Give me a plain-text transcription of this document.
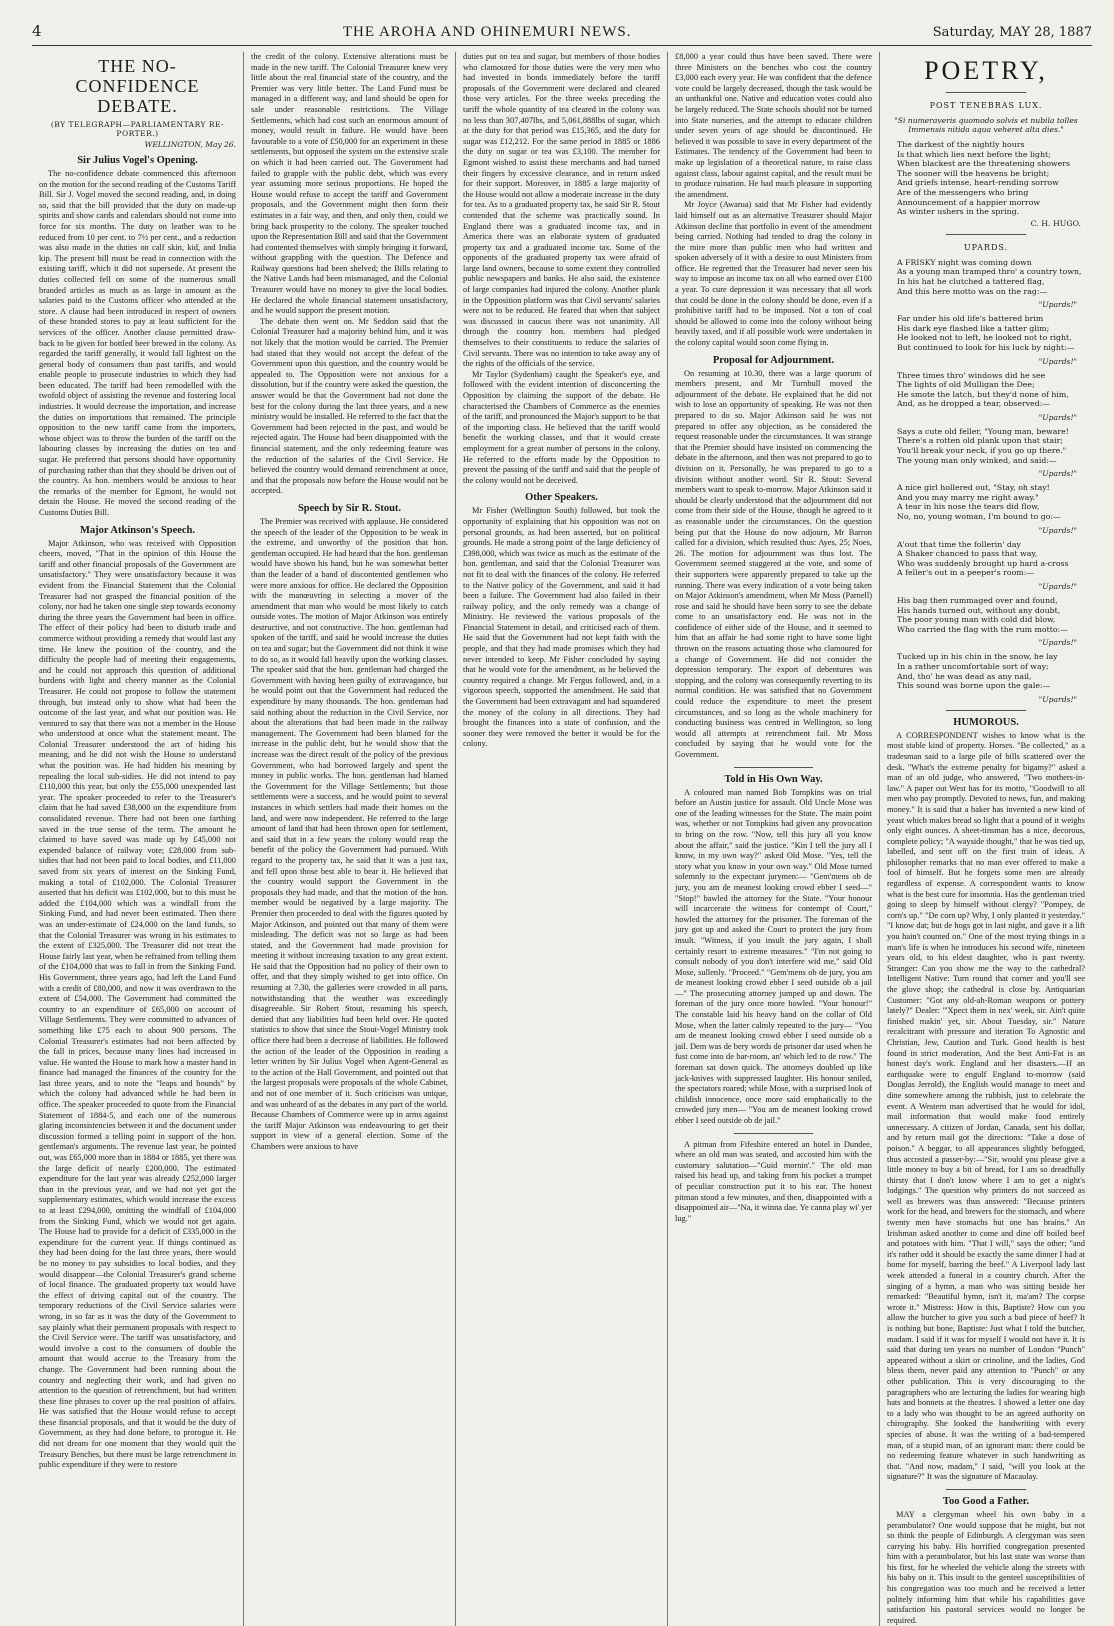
4	THE AROHA AND OHINEMURI NEWS.	Saturday, MAY 28, 1887
THE NO-CONFIDENCE
DEBATE.
(BY TELEGRAPH—PARLIAMENTARY RE-PORTER.)
WELLINGTON, May 26.
Sir Julius Vogel's Opening.

The no-confidence debate commenced this afternoon on the motion for the second reading of the Customs Tariff Bill. Sir J. Vogel moved the second reading, and, in doing so, said that the bill provided that the duty on made-up spirits and show cards and calendars should not come into force for six months. The duty on leather was to be reduced from 10 per cent. to 7½ per cent., and a reduction was also made in the duties on calf skin, kid, and India kip. The present bill must be read in connection with the existing tariff, which it did not supersede. At present the duties collected fell on some of the numerous small branded articles as much as as large in amount as the salaries paid to the Customs officer who attended at the store. A clause had been introduced in respect of owners of these branded stores to pay at least sufficient for the services of the officer. Another clause permitted draw-back to be given for bottled beer brewed in the colony. As regarded the tariff generally, it would fall lightest on the general body of consumers than past tariffs, and would enable people to prosecute industries to which they had been educated. The tariff had been remodelled with the twofold object of assisting the revenue and fostering local industries. It would decrease the importation, and increase the duties on importations that remained. The principle opposition to the new tariff came from the importers, whose object was to throw the burden of the tariff on the labouring classes by increasing the duties on tea and sugar. He preferred that persons should have opportunity of purchasing rather than that they should be driven out of the country. As hon. members would be anxious to hear the remarks of the member for Egmont, he would not detain the House. He moved the second reading of the Customs Duties Bill.

Major Atkinson's Speech.

Major Atkinson, who was received with Opposition cheers, moved, "That in the opinion of this House the tariff and other financial proposals of the Government are unsatisfactory." They were unsatisfactory because it was evident from the Financial Statement that the Colonial Treasurer had not grasped the financial position of the colony, nor had he taken one single step towards economy during the three years the Government had been in office. The effect of their policy had been to disturb trade and commerce without providing a remedy that would last any time. He knew the position of the country, and the difficulty the people had of meeting their engagements, and he could not approach this question of additional burdens with light and cheery manner as the Colonial Treasurer. He could not propose to follow the statement through, but instead only to show what had been the outcome of the last year, and what our position was. He ventured to say that there was not a member in the House who understood at once what the statement meant. The Colonial Treasurer understood the art of hiding his meaning, and he did not wish the House to understand what the position was. He had hidden his meaning by repealing the local sub-sidies. He did not intend to pay £110,000 this year, but only the £55,000 unexpended last year. The speaker proceeded to refer to the Treasurer's claim that he had saved £38,000 on the expenditure from consolidated revenue. There had not been one farthing saved in the true sense of the term. The amount he claimed to have saved was made up by £45,000 not expended balance of railway vote; £28,000 from sub-sidies that had not been paid to local bodies, and £11,000 saved from six years of interest on the Sinking Fund, making a total of £102,000. The Colonial Treasurer asserted that his deficit was £102,000, but to this must be added the £104,000 which was a windfall from the Sinking Fund, and had never been estimated. Then there was an under-estimate of £24,000 on the land funds, so that the Colonial Treasurer was wrong in his estimates to the extent of £325,000. The Treasurer did not treat the House fairly last year, when he refrained from telling them of the £104,000 that was to fall in from the Sinking Fund. His Government, three years ago, had left the Land Fund with a credit of £80,000, and now it was overdrawn to the extent of £54,000. The Government had committed the country to an expenditure of £65,000 on account of Village Settlements. They were committed to advances of something like £75 each to about 900 persons. The Colonial Treasurer's estimates had not been affected by the fall in prices, because many lines had increased in value. He wanted the House to mark how a master hand in finance had managed the finances of the country for the last three years, and to note the "leaps and bounds" by which the colony had advanced while he had been in office. The speaker proceeded to quote from the Financial Statement of 1884-5, and each one of the numerous glaring inconsistencies between it and the document under discussion formed a telling point in support of the hon. gentleman's arguments. The revenue last year, he pointed out, was £65,000 more than in 1884 or 1885, yet there was the large deficit of nearly £200,000. The estimated expenditure for the last year was already £252,000 larger than in the previous year, and we had not yet got the supplementary estimates, which would increase the excess to at least £294,000, omitting the windfall of £104,000 from the Sinking Fund, which we would not get again. The House had to provide for a deficit of £335,000 in the expenditure for the current year. If things continued as they had been doing for the last three years, there would be no money to pay subsidies to local bodies, and they would disappear—the Colonial Treasurer's grand scheme of local finance. The graduated property tax would have the effect of driving capital out of the country. The temporary reductions of the Civil Service salaries were wrong, in so far as it was the duty of the Government to say plainly what their permanent proposals with respect to the Civil Service were. The tariff was unsatisfactory, and would involve a cost to the consumers of double the amount that would accrue to the Treasury from the change. The Government had been running about the country and neglecting their work, and had given no attention to the question of retrenchment, but had written these fine phrases to cover up the real position of affairs. He was satisfied that the House would refuse to accept these financial proposals, and that it would be the duty of Government, as they had done before, to prorogue it. He did not dream for one moment that they would quit the Treasury Benches, but there must be large retrenchment in public expenditure if they were to restore

the credit of the colony. Extensive alterations must be made in the new tariff. The Colonial Treasurer knew very little about the real financial state of the country, and the Premier was very little better. The Land Fund must be managed in a different way, and land should be open for sale under reasonable restrictions. The Village Settlements, which had cost such an enormous amount of money, would result in failure. He would have been favourable to a vote of £50,000 for an experiment in these settlements, but opposed the system on the extensive scale on which it had been carried out. The Government had failed to grapple with the public debt, which was every year assuming more serious proportions. He hoped the House would refuse to accept the tariff and Government proposals, and the Government might then form their estimates in a fair way, and then, and only then, could we bring back prosperity to the colony. The speaker touched upon the Representation Bill and said that the Government had contented themselves with simply bringing it forward, without grappling with the question. The Defence and Railway questions had been shelved; the Bills relating to the Native Lands had been mismanaged, and the Colonial Treasurer would have no money to give the local bodies. He declared the whole financial statement unsatisfactory, and he would support the present motion.

The debate then went on. Mr Seddon said that the Colonial Treasurer had a majority behind him, and it was not likely that the motion would be carried. The Premier had stated that they would not accept the defeat of the Government upon this question, and the country would be appealed to. The Opposition were not anxious for a dissolution, but if the country were asked the question, the answer would be that the Government had not done the best for the colony during the last three years, and a new ministry would be installed. He referred to the fact that the Government had been rejected in the past, and would be rejected again. The House had been disappointed with the financial statement, and the only redeeming feature was the reduction of the salaries of the Civil Service. He believed the country would demand retrenchment at once, and that the proposals now before the House would not be accepted.

Speech by Sir R. Stout.

The Premier was received with applause. He considered the speech of the leader of the Opposition to be weak in the extreme, and unworthy of the position that hon. gentleman occupied. He had heard that the hon. gentleman would have shown his hand, but he was somewhat better than the leader of a band of discontented gentlemen who were more anxious for office. He declared the Opposition with the manœuvring in selecting a mover of the amendment that man who would be most likely to catch outside votes. The motion of Major Atkinson was entirely destructive, and not constructive. The hon. gentleman had spoken of the tariff, and said he would increase the duties on tea and sugar; but the Government did not think it wise to do so, as it would fall heavily upon the working classes. The speaker said that the hon. gentleman had charged the Government with having been guilty of extravagance, but he would point out that the Government had reduced the expenditure by many thousands. The hon. gentleman had said nothing about the reduction in the Civil Service, nor about the alterations that had been made in the railway management. The Government had been blamed for the increase in the public debt, but he would show that the increase was the direct result of the policy of the previous Government, who had borrowed largely and spent the money in public works. The hon. gentleman had blamed the Government for the Village Settlements; but those settlements were a success, and he would point to several instances in which settlers had made their homes on the land, and were now independent. He referred to the large amount of land that had been thrown open for settlement, and said that in a few years the colony would reap the benefit of the policy the Government had pursued. With regard to the property tax, he said that it was a just tax, and fell upon those best able to bear it. He believed that the country would support the Government in the proposals they had made, and that the motion of the hon. member would be negatived by a large majority. The Premier then proceeded to deal with the figures quoted by Major Atkinson, and pointed out that many of them were misleading. The deficit was not so large as had been stated, and the Government had made provision for meeting it without increasing taxation to any great extent. He said that the Opposition had no policy of their own to offer, and that they simply wished to get into office. On resuming at 7.30, the galleries were crowded in all parts, notwithstanding that the weather was exceedingly disagreeable. Sir Robert Stout, resuming his speech, denied that any liabilities had been held over. He quoted statistics to show that since the Stout-Vogel Ministry took office there had been a decrease of liabilities. He followed the action of the leader of the Opposition in reading a letter written by Sir Julius Vogel when Agent-General as to the action of the Hall Government, and pointed out that the largest proposals were proposals of the whole Cabinet, and not of one member of it. Such criticism was unique, and was unheard of as the debates in any part of the world. Because Chambers of Commerce were up in arms against the tariff Major Atkinson was endeavouring to get their support in view of a general election. Some of the Chambers were anxious to have

duties put on tea and sugar, but members of those bodies who clamoured for those duties were the very men who had invested in bonds immediately before the tariff proposals of the Government were declared and cleared those very articles. For the three weeks preceding the tariff the whole quantity of tea cleared in the colony was no less than 307,407lbs, and 5,061,888lbs of sugar, which at the duty for that period was £15,365, and the duty for sugar was £12,212. For the same period in 1885 or 1886 the duty on sugar or tea was £3,100. The member for Egmont wished to assist these merchants and had turned their fingers by excessive clearance, and in return asked for their support. Moreover, in 1885 a large majority of the House would not allow a moderate increase in the duty for tea. As to a graduated property tax, he said Sir R. Stout contended that the scheme was practically sound. In England there was a graduated income tax, and in America there was an elaborate system of graduated property tax and a graduated income tax. Some of the opponents of the graduated property tax were afraid of large land owners, because to some extent they controlled public newspapers and banks. He also said, the existence of large companies had injured the colony. Another plank in the Opposition platform was that Civil servants' salaries were not to be reduced. He feared that when that subject was discussed in caucus there was not unanimity. All through the country hon. members had pledged themselves to their constituents to reduce the salaries of Civil servants. There was no intention to take away any of the rights of the officials of the service.

Mr Taylor (Sydenham) caught the Speaker's eye, and followed with the evident intention of disconcerting the Opposition by claiming the support of the debate. He characterised the Chambers of Commerce as the enemies of the tariff, and pronounced the Major's support to be that of the importing class. He believed that the tariff would benefit the working classes, and that it would create employment for a great number of persons in the colony. He referred to the efforts made by the Opposition to prevent the passing of the tariff and said that the people of the colony would not be deceived.

Other Speakers.

Mr Fisher (Wellington South) followed, but took the opportunity of explaining that his opposition was not on personal grounds, as had been asserted, but on political grounds. He made a strong point of the large deficiency of £398,000, which was twice as much as the estimate of the hon. gentleman, and said that the Colonial Treasurer was not fit to deal with the finances of the colony. He referred to the Native policy of the Government, and said it had been a failure. The Government had also failed in their railway policy, and the only remedy was a change of Ministry. He reviewed the various proposals of the Financial Statement in detail, and criticised each of them. He said that the Government had not kept faith with the people, and that they had made promises which they had never intended to keep. Mr Fisher concluded by saying that he would vote for the amendment, as he believed the country required a change. Mr Fergus followed, and, in a vigorous speech, supported the amendment. He said that the Government had been extravagant and had squandered the money of the colony in all directions. They had brought the finances into a state of confusion, and the sooner they were removed the better it would be for the colony.

£8,000 a year could thus have been saved. There were three Ministers on the benches who cost the country £3,000 each every year. He was confident that the defence vote could be largely decreased, though the task would be an unthankful one. Native and education votes could also be largely reduced. The State schools should not be turned into State nurseries, and the attempt to educate children under seven years of age should be discontinued. He believed it was possible to save in every department of the Estimates. The tendency of the Government had been to make up legislation of a theoretical nature, to raise class against class, labour against capital, and the result must be to produce ruination. He had much pleasure in supporting the amendment.

Mr Joyce (Awarua) said that Mr Fisher had evidently laid himself out as an alternative Treasurer should Major Atkinson decline that portfolio in event of the amendment being carried. Nothing had tended to drag the colony in the mire more than public men who had written and spoken adversely of it with a desire to oust Ministers from office. He regretted that the Treasurer had never seen his way to impose an income tax on all who earned over £100 a year. To cure depression it was necessary that all work that could be done in the colony should be done, even if a prohibitive tariff had to be imposed. Not a ton of coal should be allowed to come into the colony without being heavily taxed, and if all possible work were undertaken in the colony capital would soon come flying in.

Proposal for Adjournment.

On resuming at 10.30, there was a large quorum of members present, and Mr Turnbull moved the adjournment of the debate. He explained that he did not wish to lose an opportunity of speaking. He was not then prepared to do so. Major Atkinson said he was not prepared to offer any objection, as he considered the request reasonable under the circumstances. It was strange that the Premier should have insisted on commencing the debate in the afternoon, and then was not prepared to go to division on it. Personally, he was prepared to go to a division without another word. Sir R. Stout: Several members want to speak to-morrow. Major Atkinson said it should be clearly understood that the adjournment did not come from their side of the House, though he agreed to it as reasonable under the circumstances. On the question being put that the House do now adjourn, Mr Barron called for a division, which resulted thus: Ayes, 25; Noes, 26. The motion for adjournment was thus lost. The Government seemed staggered at the vote, and some of their supporters were apparently prepared to take up the running. There was every indication of a vote being taken on Major Atkinson's amendment, when Mr Moss (Parnell) rose and said he should have been sorry to see the debate come to an unsatisfactory end. He was not in the confidence of either side of the House, and it seemed to him that an affair he had some right to have some light thrown on the reasons actuating those who clamoured for a change of Government. He did not consider the depression temporary. The export of debentures was stopping, and the colony was consequently reverting to its normal condition. He was satisfied that no Government could reduce the expenditure to meet the present circumstances, and so long as the whole machinery for conducting business was centred in Wellington, so long would all attempts at retrenchment fail. Mr Moss concluded by saying that he would vote for the Government.

Told in His Own Way.

A coloured man named Bob Tompkins was on trial before an Austin justice for assault. Old Uncle Mose was one of the leading witnesses for the State. The main point was, whether or not Tompkins had given any provocation to bring on the row. "Now, tell this jury all you know about the affair," said the justice. "Kin I tell the jury all I know, in my own way?" asked Old Mose. "Yes, tell the story what you know in your own way." Old Mose turned solemnly to the expectant jurymen:— "Gem'mens ob de jury, you am de meanest looking crowd ebber I seed—" "Stop!" bawled the attorney for the State. "Your honour will incarcerate the witness for contempt of Court," howled the attorney for the prisoner. The foreman of the jury got up and asked the Court to protect the jury from insult. "Witness, if you insult the jury again, I shall certainly resort to extreme measures." "I'm not going to consult nobody of you don't interfere wid me," said Old Mose, sullenly. "Proceed." "Gem'mens ob de jury, you am de meanest looking crowd ebber I seed outside ob a jail—" The prosecuting attorney jumped up and down. The foreman of the jury once more howled. "Your honour!" The constable laid his heavy hand on the collar of Old Mose, when the latter calmly repeated to the jury— "You am de meanest looking crowd ebber I seed outside ob a jail. Dem was de bery words de prisoner dar used when he fust come into de bar-room, an' which led to de row." The foreman sat down quick. The attorneys doubled up like jack-knives with suppressed laughter. His honour smiled, the spectators roared; while Mose, with a surprised look of childish innocence, once more said emphatically to the crowded jury men— "You am de meanest looking crowd ebber I seed outside ob de jail."

A pitman from Fifeshire entered an hotel in Dundee, where an old man was seated, and accosted him with the customary salutation—"Guid mornin'." The old man raised his head up, and taking from his pocket a trumpet of peculiar construction put it to his ear. The honest pitman stood a few minutes, and then, disappointed with a disappointed air—"Na, it winna dae. Ye canna play wi' yer lug."

POETRY,
POST TENEBRAS LUX.
"Si numeraveris quomodo solvis et nubila tolles Immensis nitida aqua veheret alta dies."
The darkest of the nightly hours
Is that which lies next before the light;
When blackest are the threatening showers
The sooner will the heavens be bright;
And griefs intense, heart-rending sorrow
Are of the messengers who bring
Announcement of a happier morrow
As winter ushers in the spring.
C. H. HUGO.
UPARDS.
A FRISKY night was coming down
As a young man tramped thro' a country town,
In his hat he clutched a tattered flag,
And this here motto was on the rag:—
"Upards!"
Far under his old life's battered brim
His dark eye flashed like a tatter glim;
He looked not to left, he looked not to right,
But continued to look for his luck by night:—
"Upards!"
Three times thro' windows did he see
The lights of old Mulligan the Dee;
He smote the latch, but they'd none of him,
And, as he dropped a tear, observed:—
"Upards!"
Says a cute old feller, "Young man, beware!
There's a rotten old plank upon that stair;
You'll break your neck, if you go up there."
The young man only winked, and said:—
"Upards!"
A nice girl hollered out, "Stay, oh stay!
And you may marry me right away."
A tear in his nose the tears did flow,
No, no, young woman, I'm bound to go:—
"Upards!"
A'out that time the follerin' day
A Shaker chanced to pass that way,
Who was suddenly brought up hard a-cross
A feller's out in a peeper's room:—
"Upards!"
His bag then rummaged over and found,
His hands turned out, without any doubt,
The poor young man with cold did blow,
Who carried the flag with the rum motto:—
"Upards!"
Tucked up in his chin in the snow, he lay
In a rather uncomfortable sort of way;
And, tho' he was dead as any nail,
This sound was borne upon the gale:—
"Upards!"
HUMOROUS.

A CORRESPONDENT wishes to know what is the most stable kind of property. Horses. "Be collected," as a tradesman said to a large pile of bills scattered over the desk. "What's the extreme penalty for bigamy?" asked a man of an old judge, who answered, "Two mothers-in-law." A paper out West has for its motto, "Goodwill to all men who pay promptly. Devoted to news, fun, and making money." It is said that a baker has invented a new kind of yeast which makes bread so light that a pound of it weighs only eight ounces. A sheet-tinsman has a nice, decorous, complete policy; "A wayside thought," that he was tied up, labelled, and sent off on the first train of ideas. A philosopher remarks that no man ever offered to make a fool of himself. But he forgets some men are already regardless of expense. A correspondent wants to know what is the best cure for insomnia. Has the gentleman tried going to sleep by himself without clergy? "Pompey, de corn's up." "De corn up? Why, I only planted it yesterday." "I know dat; but de hogs got in last night, and gave it a lift you hain't counted on." One of the most trying things in a man's life is when he introduces his second wife, nineteen years old, to his eldest daughter, who is past twenty. Stranger: Can you show me the way to the cathedral? Intelligent Native: Turn round that corner and you'll see the glove shop; the cathedral is close by. Antiquarian Customer: "Got any old-ah-Roman weapons or pottery lately?" Dealer: "'Xpect them in nex' week, sir. Ain't quite finished makin' yet, sir. About Tuesday, sir." Nature recalcitrant with pressure and iteration To Agnostic and Christian, Jew, Caution and Turk. Good health is best found in strict moderation, And the best Anti-Fat is an honest day's work. England and her disasters.—If an earthquake were to engulf England to-morrow (said Douglas Jerrold), the English would manage to meet and dine somewhere among the rubbish, just to celebrate the event. A Western man advertised that he would for idol, mail information that would make food entirely unnecessary. A citizen of Jordan, Canada, sent his dollar, and by return mail got the directions: "Take a dose of poison." A beggar, to all appearances slightly befogged, thus accosted a passer-by:—"Sir, would you please give a little money to buy a bit of bread, for I am so dreadfully thirsty that I don't know where I am to get a night's lodgings." The question why printers do not succeed as well as brewers was thus answered: "Because printers work for the head, and brewers for the stomach, and where twenty men have stomachs but one has brains." An Irishman asked another to come and dine off boiled beef and potatoes with him. "That I will," says the other; "and it's rather odd it should be exactly the same dinner I had at home for myself, barring the beef." A Liverpool lady last week attended a funeral in a country church. After the singing of a hymn, a man who was sitting beside her remarked: "Beautiful hymn, isn't it, ma'am? The corpse wrote it." Mistress: How is this, Baptiste? How can you allow the butcher to give you such a bad piece of beef? It is nothing but bone, Baptiste: Just what I told the butcher, madam. I said if it was for myself I would not have it. It is said that during ten years no number of London "Punch" appeared without a skirt or crinoline, and the ladies, God bless them, never paid any attention to "Punch" or any other publication. This is very discouraging to the paragraphers who are lecturing the ladies for wearing high hats and bonnets at the theatres. I showed a letter one day to a lady who was thought to be an agreed authority on chirography. She looked the handwriting with every species of abuse. It was the writing of a bad-tempered man, of a stupid man, of an ignorant man: there could be no redeeming feature whatever in such handwriting as that. "And now, madam," I said, "will you look at the signature?" It was the signature of Macaulay.

Too Good a Father.

MAY a clergyman wheel his own baby in a perambulator? One would suppose that he might, but not so think the people of Edinburgh. A clergyman was seen carrying his baby. His horrified congregation presented him with a perambulator, but his last state was worse than his first, for he wheeled the vehicle along the streets with his baby on it. This insult to the genteel susceptibilities of his congregation was too much and he received a letter politely informing him that while his capabilities gave satisfaction his pastoral services would no longer be required.
